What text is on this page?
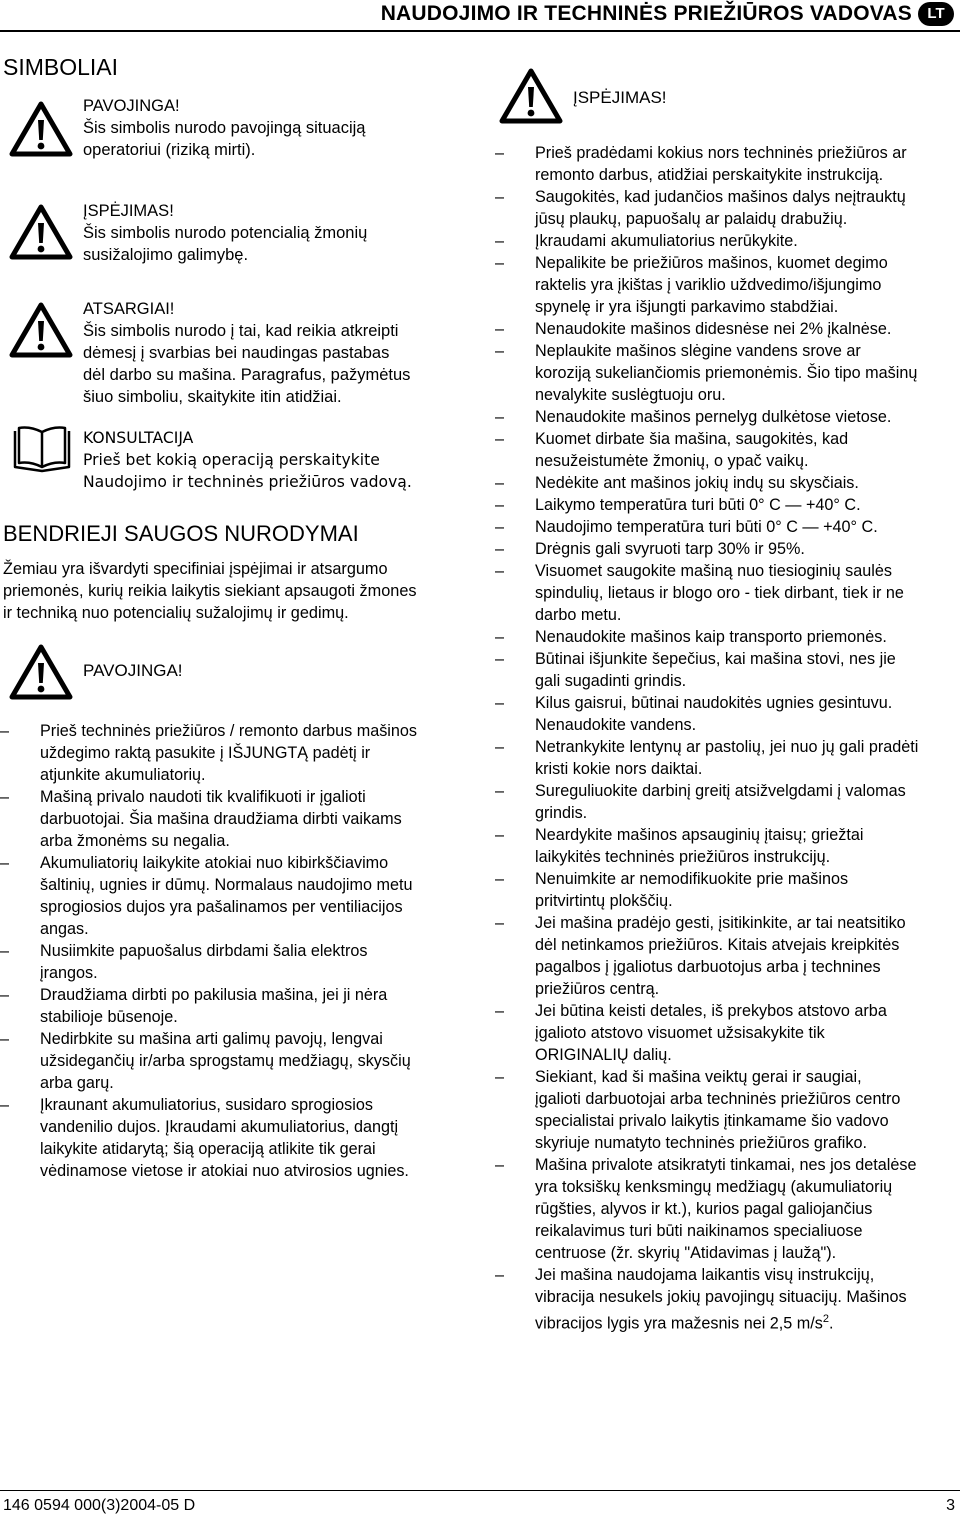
NAUDOJIMO IR TECHNINĖS PRIEŽIŪROS VADOVAS	LT
SIMBOLIAI
PAVOJINGA!
Šis simbolis nurodo pavojingą situaciją
operatoriui (riziką mirti).
ĮSPĖJIMAS!
Šis simbolis nurodo potencialią žmonių
susižalojimo galimybę.
ATSARGIAI!
Šis simbolis nurodo į tai, kad reikia atkreipti
dėmesį į svarbias bei naudingas pastabas
dėl darbo su mašina. Paragrafus, pažymėtus
šiuo simboliu, skaitykite itin atidžiai.
KONSULTACIJA
Prieš bet kokią operaciją perskaitykite
Naudojimo ir techninės priežiūros vadovą.
BENDRIEJI SAUGOS NURODYMAI
Žemiau yra išvardyti specifiniai įspėjimai ir atsargumo
priemonės, kurių reikia laikytis siekiant apsaugoti žmones
ir techniką nuo potencialių sužalojimų ir gedimų.
PAVOJINGA!
– Prieš techninės priežiūros / remonto darbus mašinos
uždegimo raktą pasukite į IŠJUNGTĄ padėtį ir
atjunkite akumuliatorių.
– Mašiną privalo naudoti tik kvalifikuoti ir įgalioti
darbuotojai. Šia mašina draudžiama dirbti vaikams
arba žmonėms su negalia.
– Akumuliatorių laikykite atokiai nuo kibirkščiavimo
šaltinių, ugnies ir dūmų. Normalaus naudojimo metu
sprogiosios dujos yra pašalinamos per ventiliacijos
angas.
– Nusiimkite papuošalus dirbdami šalia elektros
įrangos.
– Draudžiama dirbti po pakilusia mašina, jei ji nėra
stabilioje būsenoje.
– Nedirbkite su mašina arti galimų pavojų, lengvai
užsidegančių ir/arba sprogstamų medžiagų, skysčių
arba garų.
– Įkraunant akumuliatorius, susidaro sprogiosios
vandenilio dujos. Įkraudami akumuliatorius, dangtį
laikykite atidarytą; šią operaciją atlikite tik gerai
vėdinamose vietose ir atokiai nuo atvirosios ugnies.
ĮSPĖJIMAS!
– Prieš pradėdami kokius nors techninės priežiūros ar
remonto darbus, atidžiai perskaitykite instrukciją.
– Saugokitės, kad judančios mašinos dalys neįtrauktų
jūsų plaukų, papuošalų ar palaidų drabužių.
– Įkraudami akumuliatorius nerūkykite.
– Nepalikite be priežiūros mašinos, kuomet degimo
raktelis yra įkištas į variklio uždvedimo/išjungimo
spynelę ir yra išjungti parkavimo stabdžiai.
– Nenaudokite mašinos didesnėse nei 2% įkalnėse.
– Neplaukite mašinos slėgine vandens srove ar
koroziją sukeliančiomis priemonėmis. Šio tipo mašinų
nevalykite suslėgtuoju oru.
– Nenaudokite mašinos pernelyg dulkėtose vietose.
– Kuomet dirbate šia mašina, saugokitės, kad
nesužeistumėte žmonių, o ypač vaikų.
– Nedėkite ant mašinos jokių indų su skysčiais.
– Laikymo temperatūra turi būti 0° C — +40° C.
– Naudojimo temperatūra turi būti 0° C — +40° C.
– Drėgnis gali svyruoti tarp 30% ir 95%.
– Visuomet saugokite mašiną nuo tiesioginių saulės
spindulių, lietaus ir blogo oro - tiek dirbant, tiek ir ne
darbo metu.
– Nenaudokite mašinos kaip transporto priemonės.
– Būtinai išjunkite šepečius, kai mašina stovi, nes jie
gali sugadinti grindis.
– Kilus gaisrui, būtinai naudokitės ugnies gesintuvu.
Nenaudokite vandens.
– Netrankykite lentynų ar pastolių, jei nuo jų gali pradėti
kristi kokie nors daiktai.
– Sureguliuokite darbinį greitį atsižvelgdami į valomas
grindis.
– Neardykite mašinos apsauginių įtaisų; griežtai
laikykitės techninės priežiūros instrukcijų.
– Nenuimkite ar nemodifikuokite prie mašinos
pritvirtintų plokščių.
– Jei mašina pradėjo gesti, įsitikinkite, ar tai neatsitiko
dėl netinkamos priežiūros. Kitais atvejais kreipkitės
pagalbos į įgaliotus darbuotojus arba į technines
priežiūros centrą.
– Jei būtina keisti detales, iš prekybos atstovo arba
įgalioto atstovo visuomet užsisakykite tik
ORIGINALIŲ dalių.
– Siekiant, kad ši mašina veiktų gerai ir saugiai,
įgalioti darbuotojai arba techninės priežiūros centro
specialistai privalo laikytis įtinkamame šio vadovo
skyriuje numatyto techninės priežiūros grafiko.
– Mašina privalote atsikratyti tinkamai, nes jos detalėse
yra toksiškų kenksmingų medžiagų (akumuliatorių
rūgšties, alyvos ir kt.), kurios pagal galiojančius
reikalavimus turi būti naikinamos specialiuose
centruose (žr. skyrių "Atidavimas į laužą").
– Jei mašina naudojama laikantis visų instrukcijų,
vibracija nesukels jokių pavojingų situacijų. Mašinos
vibracijos lygis yra mažesnis nei 2,5 $m/s^2$.
146 0594 000(3)2004-05 D	3
